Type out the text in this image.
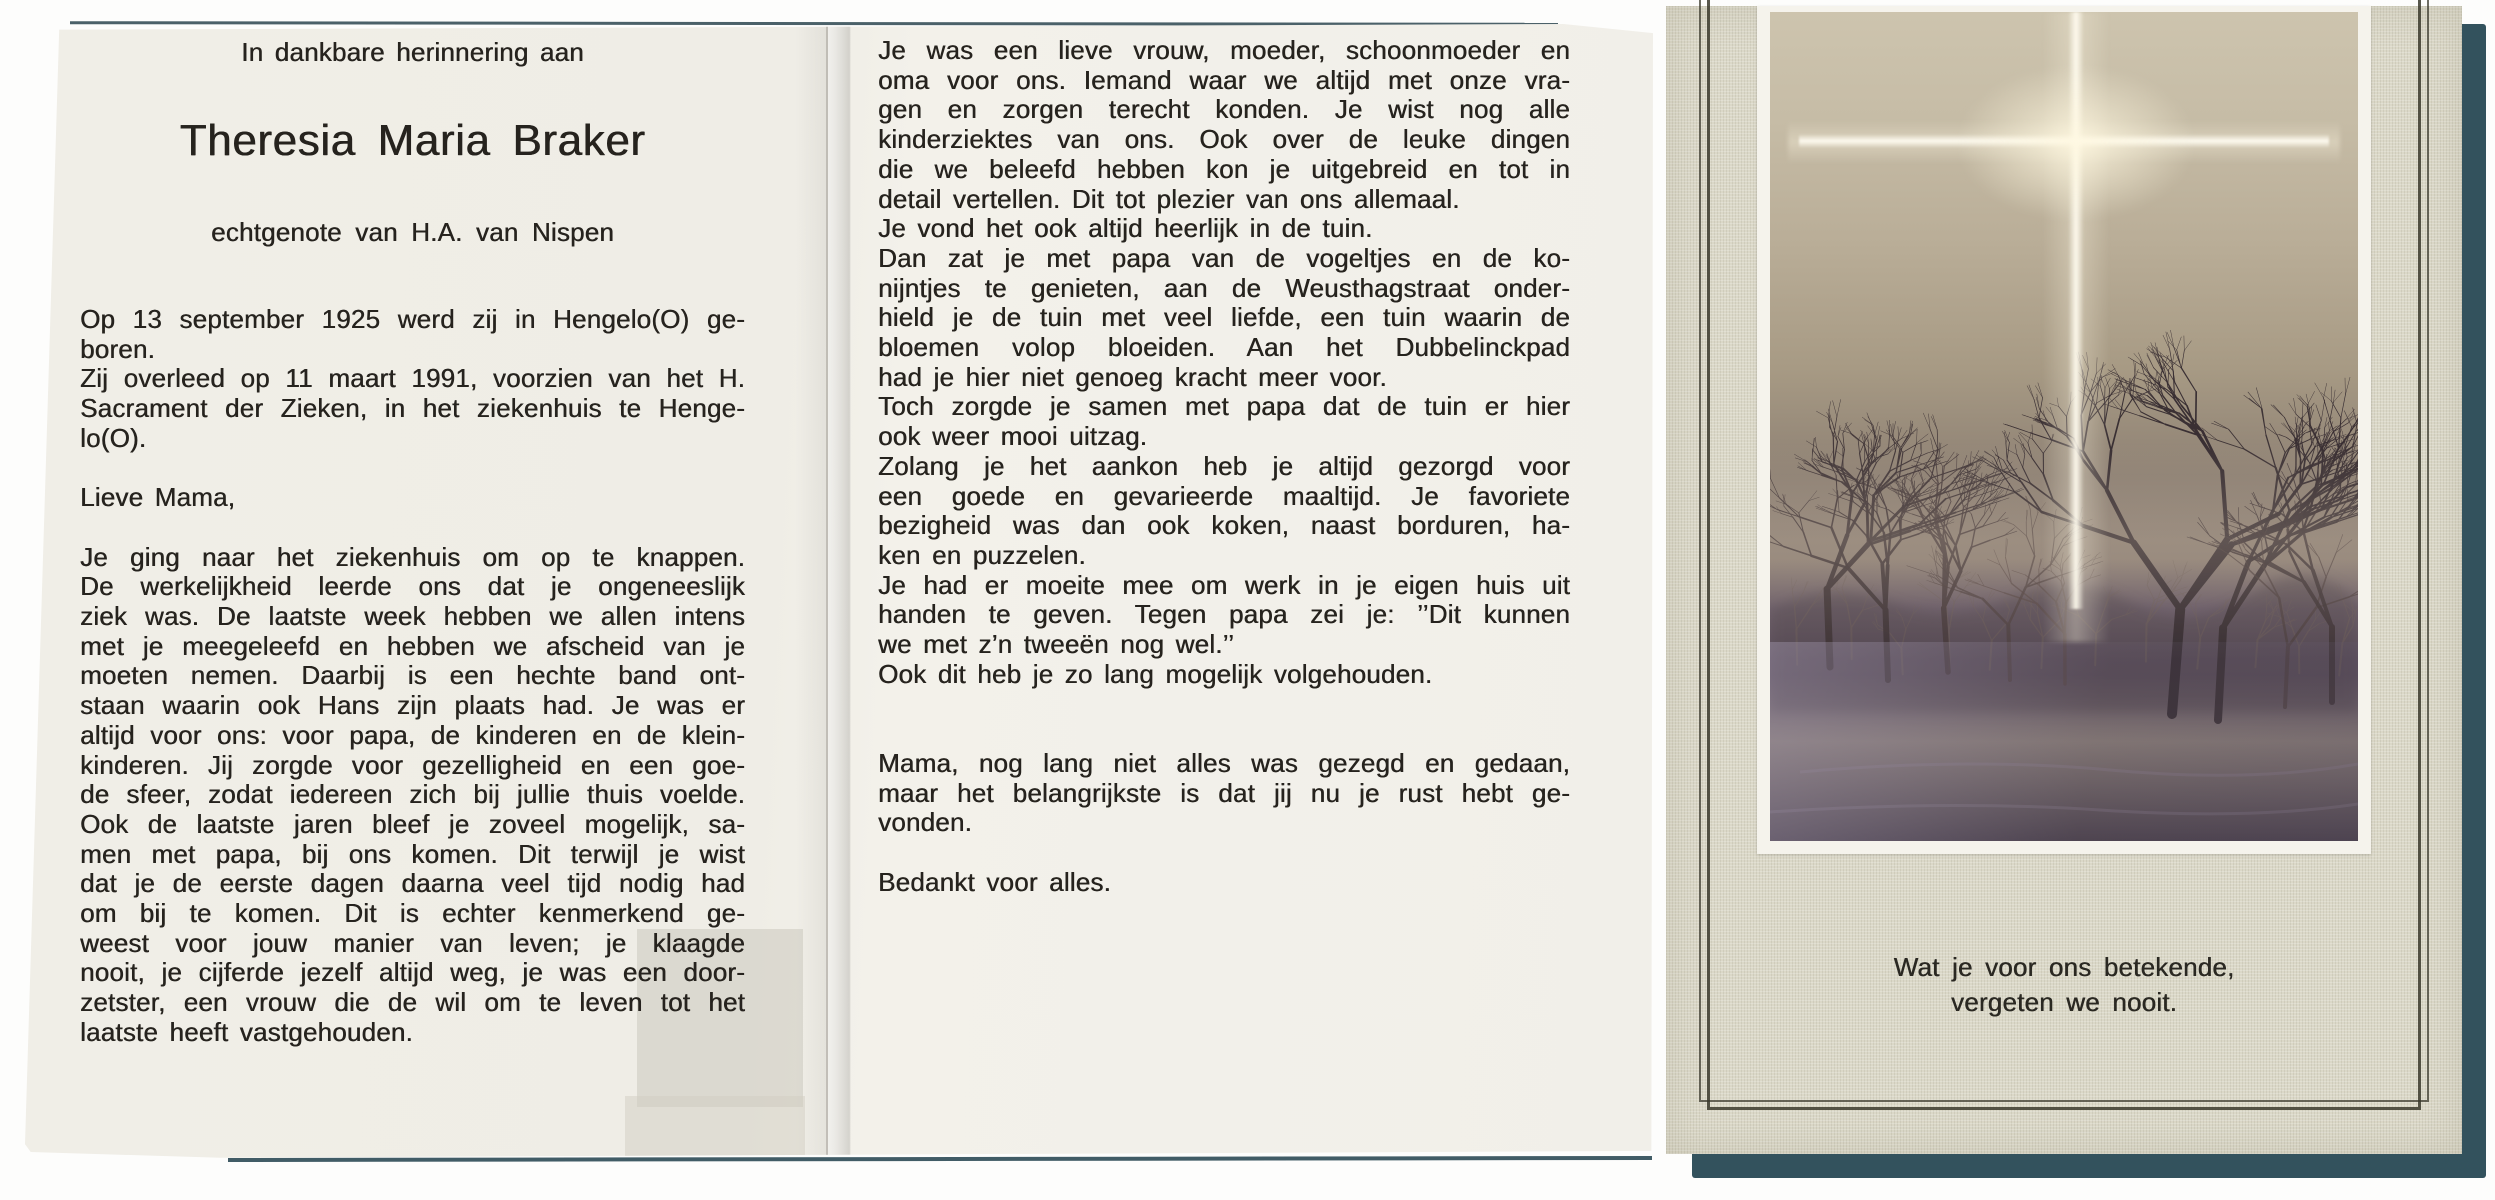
In dankbare herinnering aan
Theresia Maria Braker
echtgenote van H.A. van Nispen
Op 13 september 1925 werd zij in Hengelo(O) ge-
boren.
Zij overleed op 11 maart 1991, voorzien van het H.
Sacrament der Zieken, in het ziekenhuis te Henge-
lo(O).
Lieve Mama,
Je ging naar het ziekenhuis om op te knappen.
De werkelijkheid leerde ons dat je ongeneeslijk
ziek was. De laatste week hebben we allen intens
met je meegeleefd en hebben we afscheid van je
moeten nemen. Daarbij is een hechte band ont-
staan waarin ook Hans zijn plaats had. Je was er
altijd voor ons: voor papa, de kinderen en de klein-
kinderen. Jij zorgde voor gezelligheid en een goe-
de sfeer, zodat iedereen zich bij jullie thuis voelde.
Ook de laatste jaren bleef je zoveel mogelijk, sa-
men met papa, bij ons komen. Dit terwijl je wist
dat je de eerste dagen daarna veel tijd nodig had
om bij te komen. Dit is echter kenmerkend ge-
weest voor jouw manier van leven; je klaagde
nooit, je cijferde jezelf altijd weg, je was een door-
zetster, een vrouw die de wil om te leven tot het
laatste heeft vastgehouden.
Je was een lieve vrouw, moeder, schoonmoeder en
oma voor ons. Iemand waar we altijd met onze vra-
gen en zorgen terecht konden. Je wist nog alle
kinderziektes van ons. Ook over de leuke dingen
die we beleefd hebben kon je uitgebreid en tot in
detail vertellen. Dit tot plezier van ons allemaal.
Je vond het ook altijd heerlijk in de tuin.
Dan zat je met papa van de vogeltjes en de ko-
nijntjes te genieten, aan de Weusthagstraat onder-
hield je de tuin met veel liefde, een tuin waarin de
bloemen volop bloeiden. Aan het Dubbelinckpad
had je hier niet genoeg kracht meer voor.
Toch zorgde je samen met papa dat de tuin er hier
ook weer mooi uitzag.
Zolang je het aankon heb je altijd gezorgd voor
een goede en gevarieerde maaltijd. Je favoriete
bezigheid was dan ook koken, naast borduren, ha-
ken en puzzelen.
Je had er moeite mee om werk in je eigen huis uit
handen te geven. Tegen papa zei je: ’’Dit kunnen
we met z’n tweeën nog wel.’’
Ook dit heb je zo lang mogelijk volgehouden.
Mama, nog lang niet alles was gezegd en gedaan,
maar het belangrijkste is dat jij nu je rust hebt ge-
vonden.
Bedankt voor alles.
Wat je voor ons betekende,
vergeten we nooit.
